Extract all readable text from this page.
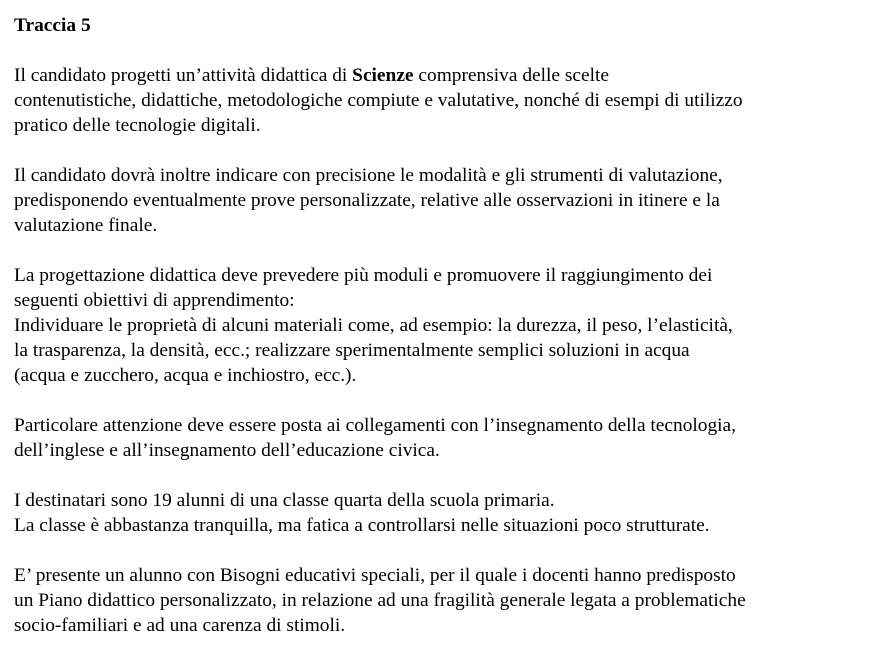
Traccia 5
Il candidato progetti un’attività didattica di Scienze comprensiva delle scelte
contenutistiche, didattiche, metodologiche compiute e valutative, nonché di esempi di utilizzo
pratico delle tecnologie digitali.
Il candidato dovrà inoltre indicare con precisione le modalità e gli strumenti di valutazione,
predisponendo eventualmente prove personalizzate, relative alle osservazioni in itinere e la
valutazione finale.
La progettazione didattica deve prevedere più moduli e promuovere il raggiungimento dei
seguenti obiettivi di apprendimento:
Individuare le proprietà di alcuni materiali come, ad esempio: la durezza, il peso, l’elasticità,
la trasparenza, la densità, ecc.; realizzare sperimentalmente semplici soluzioni in acqua
(acqua e zucchero, acqua e inchiostro, ecc.).
Particolare attenzione deve essere posta ai collegamenti con l’insegnamento della tecnologia,
dell’inglese e all’insegnamento dell’educazione civica.
I destinatari sono 19 alunni di una classe quarta della scuola primaria.
La classe è abbastanza tranquilla, ma fatica a controllarsi nelle situazioni poco strutturate.
E’ presente un alunno con Bisogni educativi speciali, per il quale i docenti hanno predisposto
un Piano didattico personalizzato, in relazione ad una fragilità generale legata a problematiche
socio-familiari e ad una carenza di stimoli.
